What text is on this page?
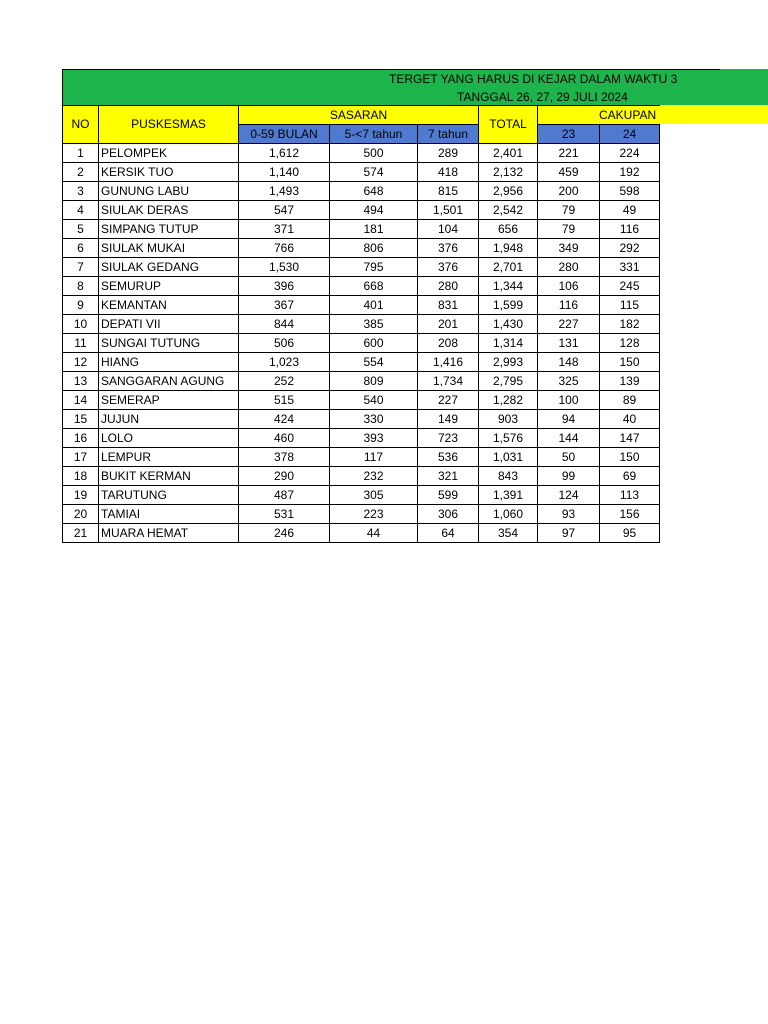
TERGET YANG HARUS DI KEJAR DALAM WAKTU 3
TANGGAL 26, 27, 29 JULI 2024
NO	PUSKESMAS	SASARAN			TOTAL	CAKUPAN	
		0-59 BULAN	5-<7 tahun	7 tahun		23	24
1	PELOMPEK	1,612	500	289	2,401	221	224
2	KERSIK TUO	1,140	574	418	2,132	459	192
3	GUNUNG LABU	1,493	648	815	2,956	200	598
4	SIULAK DERAS	547	494	1,501	2,542	79	49
5	SIMPANG TUTUP	371	181	104	656	79	116
6	SIULAK MUKAI	766	806	376	1,948	349	292
7	SIULAK GEDANG	1,530	795	376	2,701	280	331
8	SEMURUP	396	668	280	1,344	106	245
9	KEMANTAN	367	401	831	1,599	116	115
10	DEPATI VII	844	385	201	1,430	227	182
11	SUNGAI TUTUNG	506	600	208	1,314	131	128
12	HIANG	1,023	554	1,416	2,993	148	150
13	SANGGARAN AGUNG	252	809	1,734	2,795	325	139
14	SEMERAP	515	540	227	1,282	100	89
15	JUJUN	424	330	149	903	94	40
16	LOLO	460	393	723	1,576	144	147
17	LEMPUR	378	117	536	1,031	50	150
18	BUKIT KERMAN	290	232	321	843	99	69
19	TARUTUNG	487	305	599	1,391	124	113
20	TAMIAI	531	223	306	1,060	93	156
21	MUARA HEMAT	246	44	64	354	97	95
